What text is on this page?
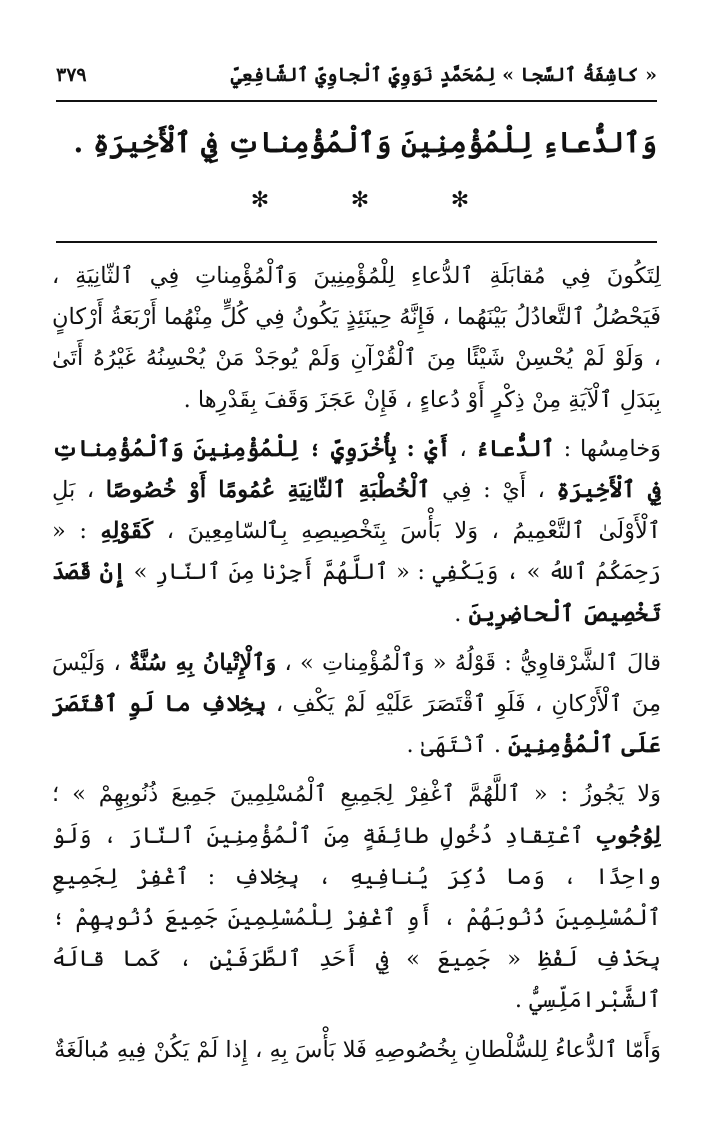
« كاشِفَةُ ٱلسَّجا » لِمُحَمَّدٍ نَوَوِيٍّ ٱلْجاوِيِّ ٱلشّافِعِيِّ
٣٧٩
وَٱلدُّعاءِ لِلْمُؤْمِنِينَ وَٱلْمُؤْمِناتِ فِي ٱلْأَخِيرَةِ .
✻	✻	✻

لِتَكُونَ فِي مُقابَلَةِ ٱلدُّعاءِ لِلْمُؤْمِنِينَ وَٱلْمُؤْمِناتِ فِي ٱلثّانِيَةِ ، فَيَحْصُلُ ٱلتَّعادُلُ بَيْنَهُما ، فَإِنَّهُ حِينَئِذٍ يَكُونُ فِي كُلٍّ مِنْهُما أَرْبَعَةُ أَرْكانٍ ، وَلَوْ لَمْ يُحْسِنْ شَيْئًا مِنَ ٱلْقُرْآنِ وَلَمْ يُوجَدْ مَنْ يُحْسِنُهُ غَيْرُهُ أَتَىٰ بِبَدَلِ ٱلْآيَةِ مِنْ ذِكْرٍ أَوْ دُعاءٍ ، فَإِنْ عَجَزَ وَقَفَ بِقَدْرِها .

وَخامِسُها : ٱلدُّعاءُ ، أَيْ : بِأُخْرَوِيٍّ ؛ لِلْمُؤْمِنِينَ وَٱلْمُؤْمِناتِ فِي ٱلْأَخِيرَةِ ، أَيْ : فِي ٱلْخُطْبَةِ ٱلثّانِيَةِ عُمُومًا أَوْ خُصُوصًا ، بَلِ ٱلْأَوْلَىٰ ٱلتَّعْمِيمُ ، وَلا بَأْسَ بِتَخْصِيصِهِ بِٱلسّامِعِينَ ، كَقَوْلِهِ : « رَحِمَكُمُ ٱللهُ » ، وَيَكْفِي : « ٱللَّهُمَّ أَجِرْنا مِنَ ٱلنّارِ » إِنْ قَصَدَ تَخْصِيصَ ٱلْحاضِرِينَ .

قالَ ٱلشَّرْقاوِيُّ : قَوْلُهُ « وَٱلْمُؤْمِناتِ » ، وَٱلْإِتْيانُ بِهِ سُنَّةٌ ، وَلَيْسَ مِنَ ٱلْأَرْكانِ ، فَلَوِ ٱقْتَصَرَ عَلَيْهِ لَمْ يَكْفِ ، بِخِلافِ ما لَوِ ٱقْتَصَرَ عَلَى ٱلْمُؤْمِنِينَ . ٱنْتَهَىٰ .

وَلا يَجُوزُ : « ٱللَّهُمَّ ٱغْفِرْ لِجَمِيعِ ٱلْمُسْلِمِينَ جَمِيعَ ذُنُوبِهِمْ » ؛ لِوُجُوبِ ٱعْتِقادِ دُخُولِ طائِفَةٍ مِنَ ٱلْمُؤْمِنِينَ ٱلنّارَ ، وَلَوْ واحِدًا ، وَما ذُكِرَ يُنافِيهِ ، بِخِلافِ : ٱغْفِرْ لِجَمِيعِ ٱلْمُسْلِمِينَ ذُنُوبَهُمْ ، أَوِ ٱغْفِرْ لِلْمُسْلِمِينَ جَمِيعَ ذُنُوبِهِمْ ؛ بِحَذْفِ لَفْظِ « جَمِيعَ » فِي أَحَدِ ٱلطَّرَفَيْنِ ، كَما قالَهُ ٱلشَّبْرامَلِّسِيُّ .

وَأَمّا ٱلدُّعاءُ لِلسُّلْطانِ بِخُصُوصِهِ فَلا بَأْسَ بِهِ ، إِذا لَمْ يَكُنْ فِيهِ مُبالَغَةٌ
